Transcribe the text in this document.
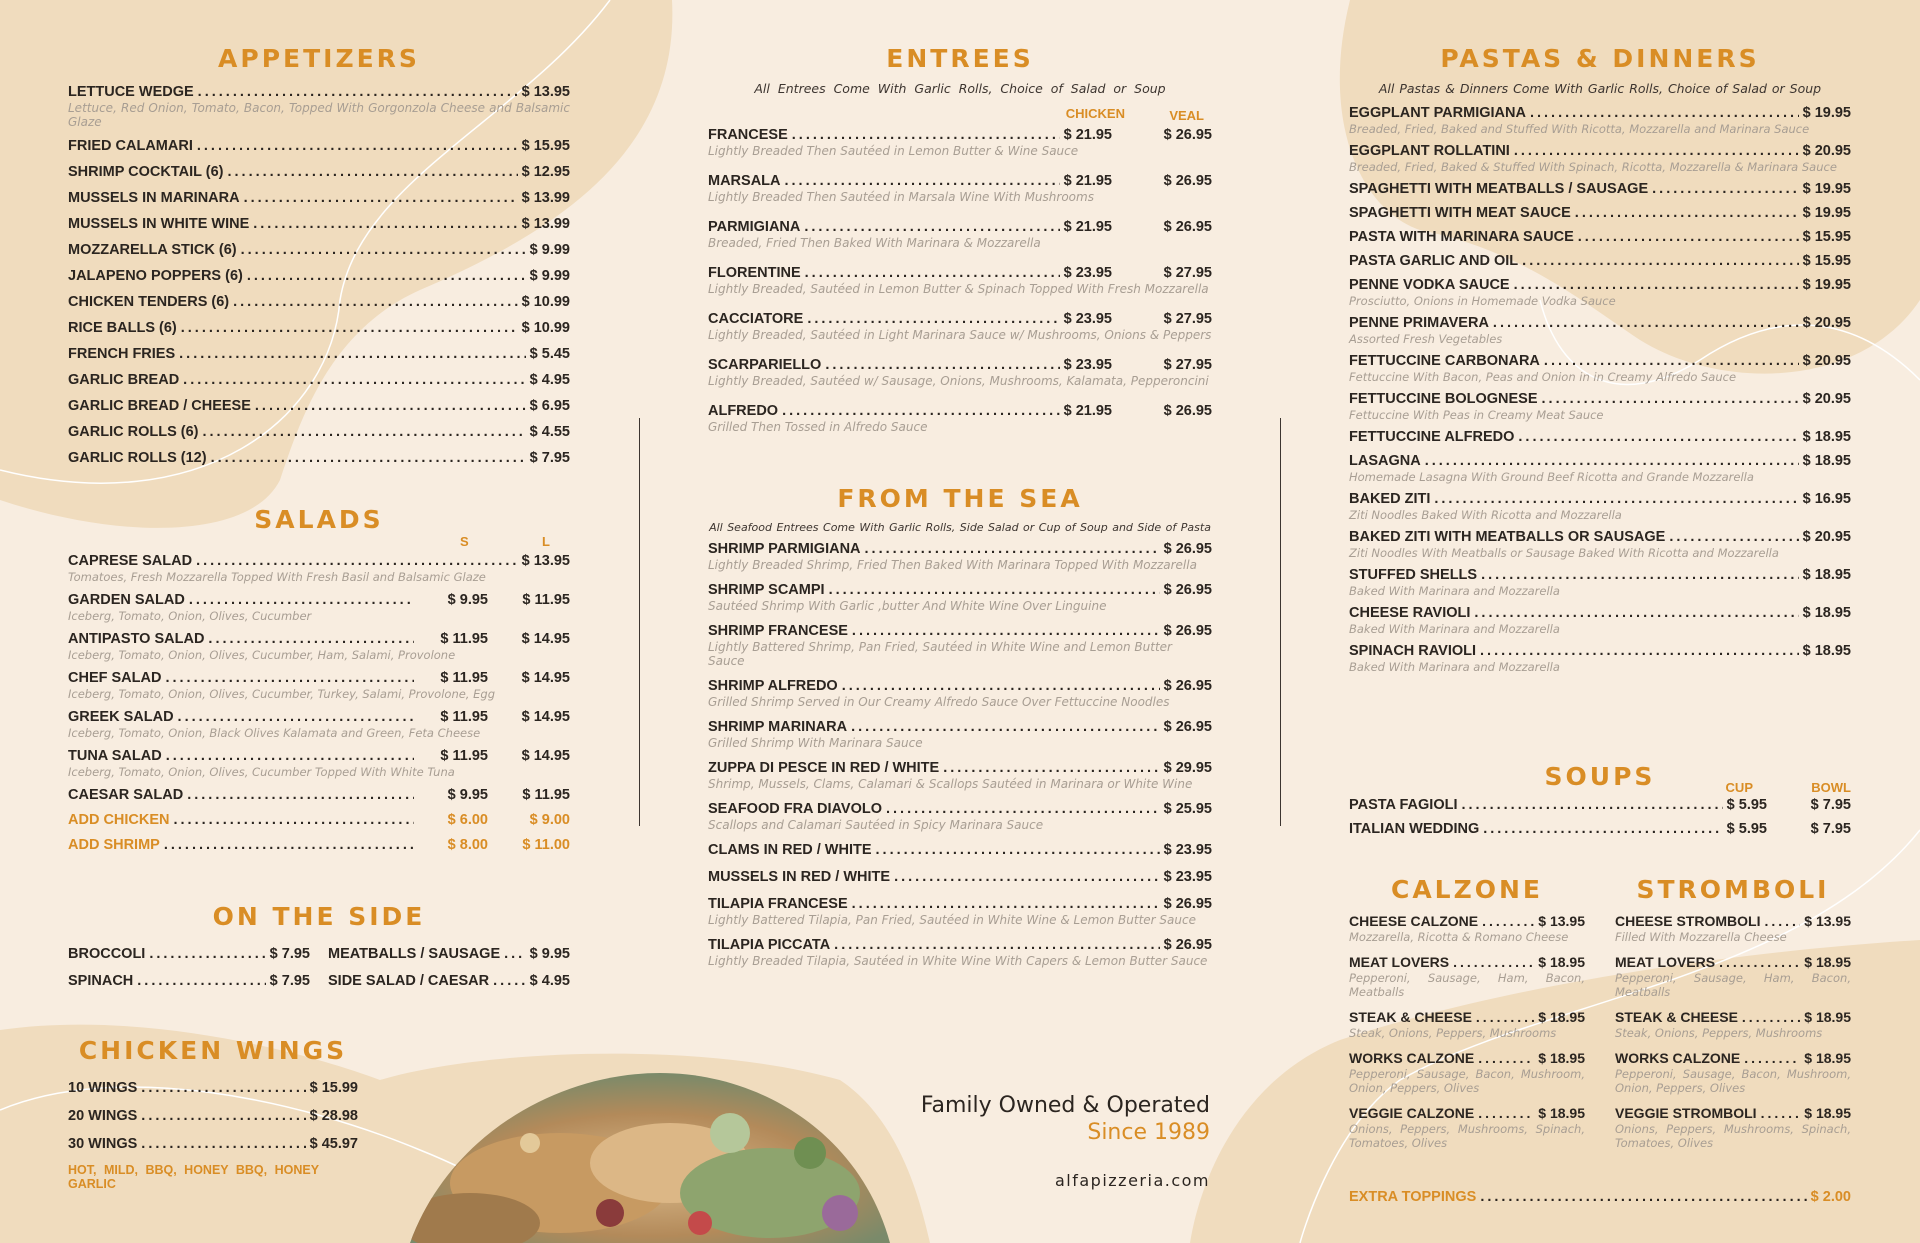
APPETIZERS
LETTUCE WEDGE .....	$ 13.95
Lettuce, Red Onion, Tomato, Bacon, Topped With Gorgonzola Cheese and Balsamic Glaze
FRIED CALAMARI .....	$ 15.95
SHRIMP COCKTAIL (6) .....	$ 12.95
MUSSELS IN MARINARA .....	$ 13.99
MUSSELS IN WHITE WINE .....	$ 13.99
MOZZARELLA STICK (6) .....	$ 9.99
JALAPENO POPPERS (6) .....	$ 9.99
CHICKEN TENDERS (6) .....	$ 10.99
RICE BALLS (6) .....	$ 10.99
FRENCH FRIES .....	$ 5.45
GARLIC BREAD .....	$ 4.95
GARLIC BREAD / CHEESE .....	$ 6.95
GARLIC ROLLS (6) .....	$ 4.55
GARLIC ROLLS (12) .....	$ 7.95
SALADS
S	L
CAPRESE SALAD .....	$ 13.95
Tomatoes, Fresh Mozzarella Topped With Fresh Basil and Balsamic Glaze
GARDEN SALAD .....	$ 9.95	$ 11.95
Iceberg, Tomato, Onion, Olives, Cucumber
ANTIPASTO SALAD .....	$ 11.95	$ 14.95
Iceberg, Tomato, Onion, Olives, Cucumber, Ham, Salami, Provolone
CHEF SALAD .....	$ 11.95	$ 14.95
Iceberg, Tomato, Onion, Olives, Cucumber, Turkey, Salami, Provolone, Egg
GREEK SALAD .....	$ 11.95	$ 14.95
Iceberg, Tomato, Onion, Black Olives Kalamata and Green, Feta Cheese
TUNA SALAD .....	$ 11.95	$ 14.95
Iceberg, Tomato, Onion, Olives, Cucumber Topped With White Tuna
CAESAR SALAD .....	$ 9.95	$ 11.95
ADD CHICKEN .....	$ 6.00	$ 9.00
ADD SHRIMP .....	$ 8.00	$ 11.00
ON THE SIDE
BROCCOLI .....	$ 7.95
SPINACH .....	$ 7.95
MEATBALLS / SAUSAGE ..... $ 9.95
SIDE SALAD / CAESAR .....	$ 4.95
CHICKEN WINGS
10 WINGS .....	$ 15.99
20 WINGS .....	$ 28.98
30 WINGS .....	$ 45.97
HOT, MILD, BBQ, HONEY BBQ, HONEY GARLIC
ENTREES
All Entrees Come With Garlic Rolls, Choice of Salad or Soup
CHICKEN	VEAL
FRANCESE .....	$ 21.95	$ 26.95
Lightly Breaded Then Sautéed in Lemon Butter & Wine Sauce
MARSALA .....	$ 21.95	$ 26.95
Lightly Breaded Then Sautéed in Marsala Wine With Mushrooms
PARMIGIANA .....	$ 21.95	$ 26.95
Breaded, Fried Then Baked With Marinara & Mozzarella
FLORENTINE .....	$ 23.95	$ 27.95
Lightly Breaded, Sautéed in Lemon Butter & Spinach Topped With Fresh Mozzarella
CACCIATORE .....	$ 23.95	$ 27.95
Lightly Breaded, Sautéed in Light Marinara Sauce w/ Mushrooms, Onions & Peppers
SCARPARIELLO .....	$ 23.95	$ 27.95
Lightly Breaded, Sautéed w/ Sausage, Onions, Mushrooms, Kalamata, Pepperoncini
ALFREDO .....	$ 21.95	$ 26.95
Grilled Then Tossed in Alfredo Sauce
FROM THE SEA
All Seafood Entrees Come With Garlic Rolls, Side Salad or Cup of Soup and Side of Pasta
SHRIMP PARMIGIANA .....	$ 26.95
Lightly Breaded Shrimp, Fried Then Baked With Marinara Topped With Mozzarella
SHRIMP SCAMPI .....	$ 26.95
Sautéed Shrimp With Garlic ,butter And White Wine Over Linguine
SHRIMP FRANCESE .....	$ 26.95
Lightly Battered Shrimp, Pan Fried, Sautéed in White Wine and Lemon Butter Sauce
SHRIMP ALFREDO .....	$ 26.95
Grilled Shrimp Served in Our Creamy Alfredo Sauce Over Fettuccine Noodles
SHRIMP MARINARA .....	$ 26.95
Grilled Shrimp With Marinara Sauce
ZUPPA DI PESCE IN RED / WHITE .....	$ 29.95
Shrimp, Mussels, Clams, Calamari & Scallops Sautéed in Marinara or White Wine
SEAFOOD FRA DIAVOLO .....	$ 25.95
Scallops and Calamari Sautéed in Spicy Marinara Sauce
CLAMS IN RED / WHITE .....	$ 23.95
MUSSELS IN RED / WHITE .....	$ 23.95
TILAPIA FRANCESE .....	$ 26.95
Lightly Battered Tilapia, Pan Fried, Sautéed in White Wine & Lemon Butter Sauce
TILAPIA PICCATA .....	$ 26.95
Lightly Breaded Tilapia, Sautéed in White Wine With Capers & Lemon Butter Sauce
Family Owned & Operated
Since 1989
alfapizzeria.com
PASTAS & DINNERS
All Pastas & Dinners Come With Garlic Rolls, Choice of Salad or Soup
EGGPLANT PARMIGIANA .....	$ 19.95
Breaded, Fried, Baked and Stuffed With Ricotta, Mozzarella and Marinara Sauce
EGGPLANT ROLLATINI .....	$ 20.95
Breaded, Fried, Baked & Stuffed With Spinach, Ricotta, Mozzarella & Marinara Sauce
SPAGHETTI WITH MEATBALLS / SAUSAGE .....	$ 19.95
SPAGHETTI WITH MEAT SAUCE .....	$ 19.95
PASTA WITH MARINARA SAUCE .....	$ 15.95
PASTA GARLIC AND OIL .....	$ 15.95
PENNE VODKA SAUCE .....	$ 19.95
Prosciutto, Onions in Homemade Vodka Sauce
PENNE PRIMAVERA .....	$ 20.95
Assorted Fresh Vegetables
FETTUCCINE CARBONARA .....	$ 20.95
Fettuccine With Bacon, Peas and Onion in in Creamy Alfredo Sauce
FETTUCCINE BOLOGNESE .....	$ 20.95
Fettuccine With Peas in Creamy Meat Sauce
FETTUCCINE ALFREDO .....	$ 18.95
LASAGNA .....	$ 18.95
Homemade Lasagna With Ground Beef Ricotta and Grande Mozzarella
BAKED ZITI .....	$ 16.95
Ziti Noodles Baked With Ricotta and Mozzarella
BAKED ZITI WITH MEATBALLS OR SAUSAGE .....	$ 20.95
Ziti Noodles With Meatballs or Sausage Baked With Ricotta and Mozzarella
STUFFED SHELLS .....	$ 18.95
Baked With Marinara and Mozzarella
CHEESE RAVIOLI .....	$ 18.95
Baked With Marinara and Mozzarella
SPINACH RAVIOLI .....	$ 18.95
Baked With Marinara and Mozzarella
SOUPS	CUP	BOWL
PASTA FAGIOLI .....	$ 5.95	$ 7.95
ITALIAN WEDDING .....	$ 5.95	$ 7.95
CALZONE
CHEESE CALZONE .....	$ 13.95
Mozzarella, Ricotta & Romano Cheese
MEAT LOVERS .....	$ 18.95
Pepperoni, Sausage, Ham, Bacon, Meatballs
STEAK & CHEESE .....	$ 18.95
Steak, Onions, Peppers, Mushrooms
WORKS CALZONE .....	$ 18.95
Pepperoni, Sausage, Bacon, Mushroom, Onion, Peppers, Olives
VEGGIE CALZONE .....	$ 18.95
Onions, Peppers, Mushrooms, Spinach, Tomatoes, Olives
STROMBOLI
CHEESE STROMBOLI .....	$ 13.95
Filled With Mozzarella Cheese
MEAT LOVERS .....	$ 18.95
Pepperoni, Sausage, Ham, Bacon, Meatballs
STEAK & CHEESE .....	$ 18.95
Steak, Onions, Peppers, Mushrooms
WORKS CALZONE .....	$ 18.95
Pepperoni, Sausage, Bacon, Mushroom, Onion, Peppers, Olives
VEGGIE STROMBOLI .....	$ 18.95
Onions, Peppers, Mushrooms, Spinach, Tomatoes, Olives
EXTRA TOPPINGS .....	$ 2.00
